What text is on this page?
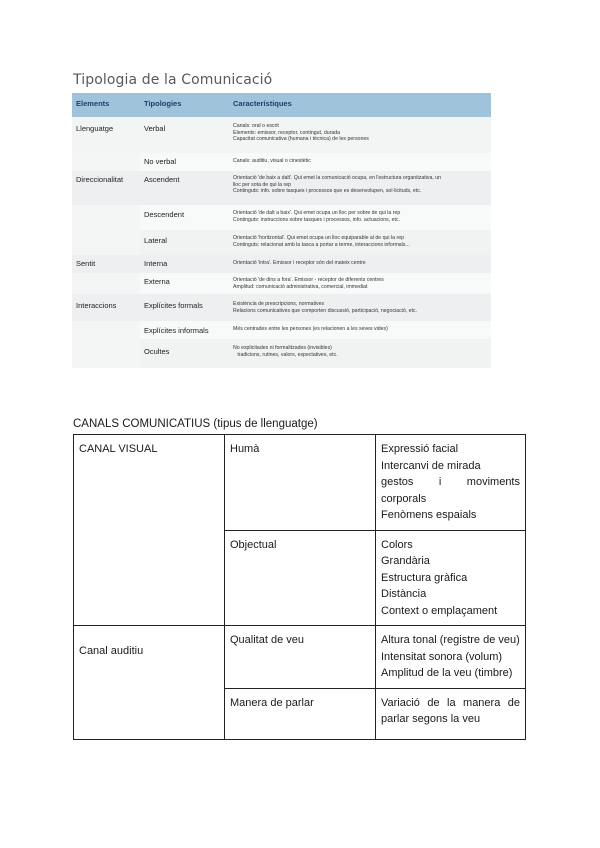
Tipologia de la Comunicació
Elements	Tipologies	Característiques
Llenguatge	Verbal	Canals: oral o escrit
Elements: emissor, receptor, contingut, durada
Capacitat comunicativa (humana i tècnica) de les persones
No verbal	Canals: auditiu, visual o cinestètic
Direccionalitat	Ascendent	Orientació 'de baix a dalt'. Qui emet la comunicació ocupa, en l'estructura organitzativa, un
lloc per sota de qui la rep
Continguts: info. sobre tasques i processos que es desenvolupen, sol·licituds, etc.
Descendent	Orientació 'de dalt a baix'. Qui emet ocupa un lloc per sobre de qui la rep
Continguts: instruccions sobre tasques i processos, info. actuacions, etc.
Lateral	Orientació 'horitzontal'. Qui emet ocupa un lloc equiparable al de qui la rep
Continguts: relacionat amb la tasca a portar a terme, interaccions informals...
Sentit	Interna	Orientació 'intra'. Emissor i receptor són del mateix centre
Externa	Orientació 'de dins a fora'. Emissor - receptor de diferents centres
Amplitud: comunicació administrativa, comercial, immediat
Interaccions	Explícites formals	Existència de prescripcions, normatives
Relacions comunicatives que comporten discussió, participació, negociació, etc.
Explícites informals	Més centrades entre les persones (es relacionen a les seves vides)
Ocultes	No explicitades ni formalitzades (invisibles)
tradicions, rutines, valors, expectatives, etc.
CANALS COMUNICATIUS (tipus de llenguatge)
CANAL VISUAL	Humà	Expressió facial
Intercanvi de mirada
gestos i moviments corporals
Fenòmens espaials

	Objectual	Colors
Grandària
Estructura gràfica
Distància
Context o emplaçament

Canal auditiu	Qualitat de veu	Altura tonal (registre de veu)
Intensitat sonora (volum)
Amplitud de la veu (timbre)

	Manera de parlar	Variació de la manera de parlar segons la veu
